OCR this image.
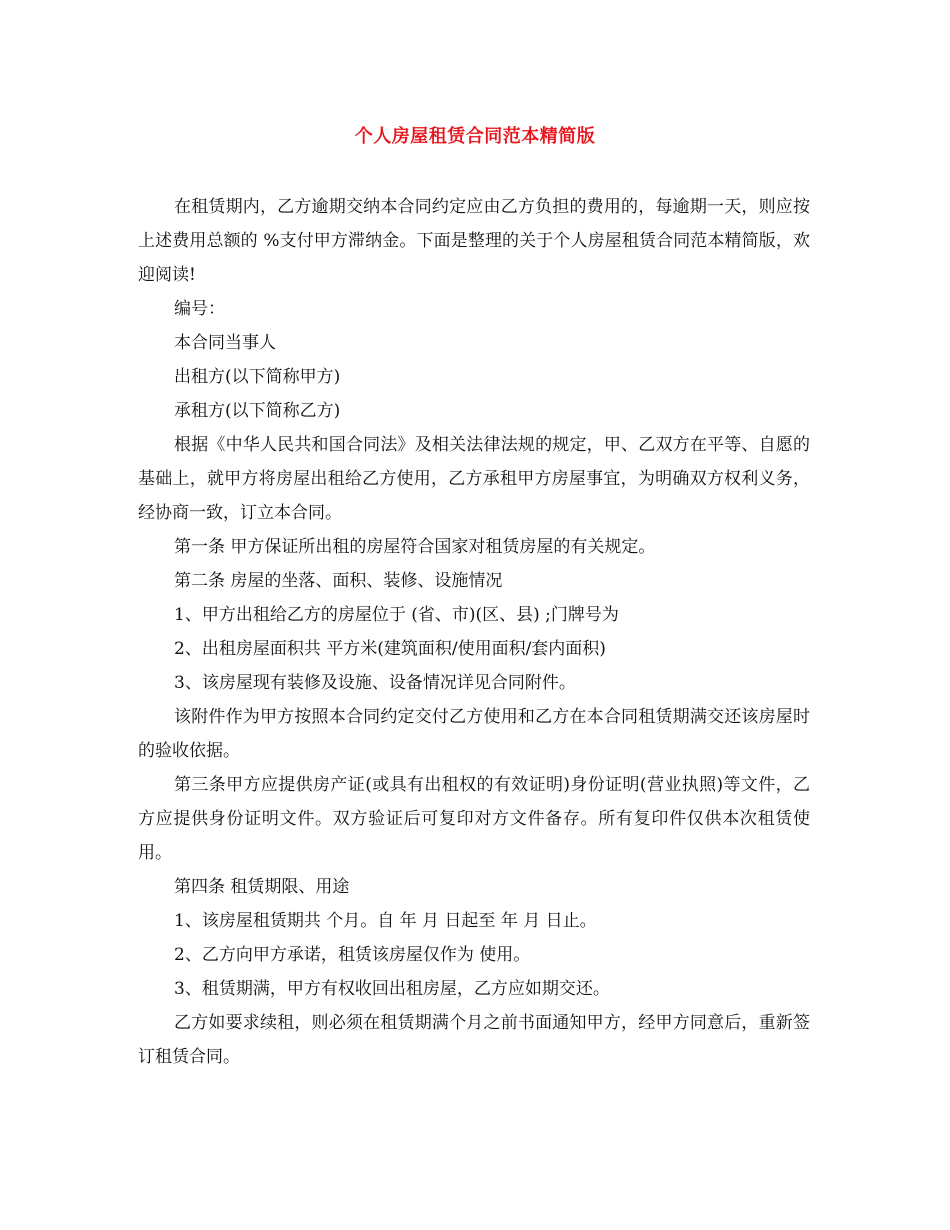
个人房屋租赁合同范本精简版

在租赁期内，乙方逾期交纳本合同约定应由乙方负担的费用的，每逾期一天，则应按上述费用总额的 %支付甲方滞纳金。下面是整理的关于个人房屋租赁合同范本精简版，欢迎阅读!

编号：

本合同当事人

出租方(以下简称甲方)

承租方(以下简称乙方)

根据《中华人民共和国合同法》及相关法律法规的规定，甲、乙双方在平等、自愿的基础上，就甲方将房屋出租给乙方使用，乙方承租甲方房屋事宜，为明确双方权利义务，经协商一致，订立本合同。

第一条 甲方保证所出租的房屋符合国家对租赁房屋的有关规定。

第二条 房屋的坐落、面积、装修、设施情况

1、甲方出租给乙方的房屋位于 (省、市)(区、县) ;门牌号为

2、出租房屋面积共 平方米(建筑面积/使用面积/套内面积)

3、该房屋现有装修及设施、设备情况详见合同附件。

该附件作为甲方按照本合同约定交付乙方使用和乙方在本合同租赁期满交还该房屋时的验收依据。

第三条甲方应提供房产证(或具有出租权的有效证明)身份证明(营业执照)等文件，乙方应提供身份证明文件。双方验证后可复印对方文件备存。所有复印件仅供本次租赁使用。

第四条 租赁期限、用途

1、该房屋租赁期共 个月。自 年 月 日起至 年 月 日止。

2、乙方向甲方承诺，租赁该房屋仅作为 使用。

3、租赁期满，甲方有权收回出租房屋，乙方应如期交还。

乙方如要求续租，则必须在租赁期满个月之前书面通知甲方，经甲方同意后，重新签订租赁合同。
